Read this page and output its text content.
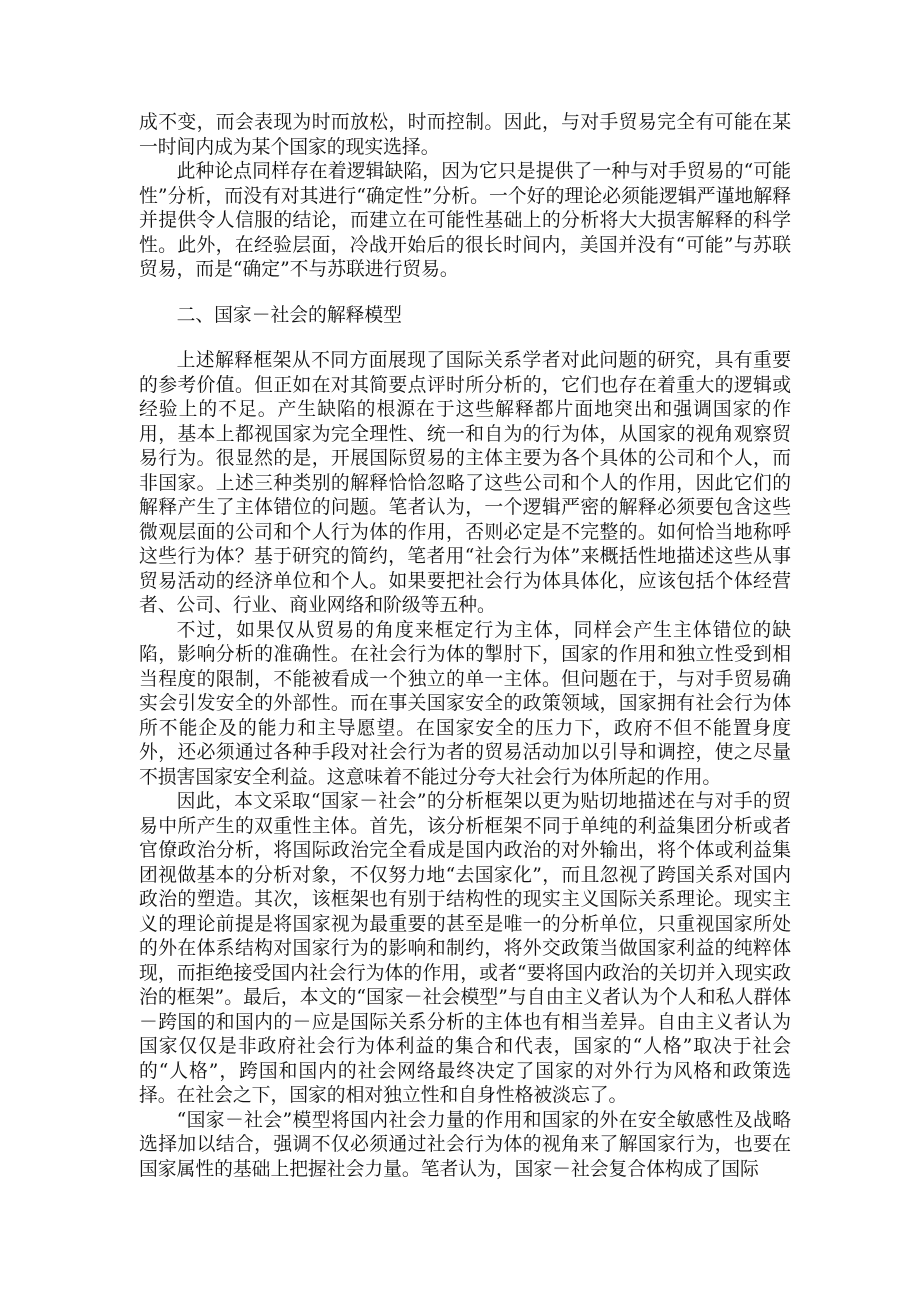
成不变，而会表现为时而放松，时而控制。因此，与对手贸易完全有可能在某一时间内成为某个国家的现实选择。

此种论点同样存在着逻辑缺陷，因为它只是提供了一种与对手贸易的“可能性”分析，而没有对其进行“确定性”分析。一个好的理论必须能逻辑严谨地解释并提供令人信服的结论，而建立在可能性基础上的分析将大大损害解释的科学性。此外，在经验层面，冷战开始后的很长时间内，美国并没有“可能”与苏联贸易，而是“确定”不与苏联进行贸易。

二、国家－社会的解释模型

上述解释框架从不同方面展现了国际关系学者对此问题的研究，具有重要的参考价值。但正如在对其简要点评时所分析的，它们也存在着重大的逻辑或经验上的不足。产生缺陷的根源在于这些解释都片面地突出和强调国家的作用，基本上都视国家为完全理性、统一和自为的行为体，从国家的视角观察贸易行为。很显然的是，开展国际贸易的主体主要为各个具体的公司和个人，而非国家。上述三种类别的解释恰恰忽略了这些公司和个人的作用，因此它们的解释产生了主体错位的问题。笔者认为，一个逻辑严密的解释必须要包含这些微观层面的公司和个人行为体的作用，否则必定是不完整的。如何恰当地称呼这些行为体？基于研究的简约，笔者用“社会行为体”来概括性地描述这些从事贸易活动的经济单位和个人。如果要把社会行为体具体化，应该包括个体经营者、公司、行业、商业网络和阶级等五种。

不过，如果仅从贸易的角度来框定行为主体，同样会产生主体错位的缺陷，影响分析的准确性。在社会行为体的掣肘下，国家的作用和独立性受到相当程度的限制，不能被看成一个独立的单一主体。但问题在于，与对手贸易确实会引发安全的外部性。而在事关国家安全的政策领域，国家拥有社会行为体所不能企及的能力和主导愿望。在国家安全的压力下，政府不但不能置身度外，还必须通过各种手段对社会行为者的贸易活动加以引导和调控，使之尽量不损害国家安全利益。这意味着不能过分夸大社会行为体所起的作用。

因此，本文采取“国家－社会”的分析框架以更为贴切地描述在与对手的贸易中所产生的双重性主体。首先，该分析框架不同于单纯的利益集团分析或者官僚政治分析，将国际政治完全看成是国内政治的对外输出，将个体或利益集团视做基本的分析对象，不仅努力地“去国家化”，而且忽视了跨国关系对国内政治的塑造。其次，该框架也有别于结构性的现实主义国际关系理论。现实主义的理论前提是将国家视为最重要的甚至是唯一的分析单位，只重视国家所处的外在体系结构对国家行为的影响和制约，将外交政策当做国家利益的纯粹体现，而拒绝接受国内社会行为体的作用，或者“要将国内政治的关切并入现实政治的框架”。最后，本文的“国家－社会模型”与自由主义者认为个人和私人群体－跨国的和国内的－应是国际关系分析的主体也有相当差异。自由主义者认为国家仅仅是非政府社会行为体利益的集合和代表，国家的“人格”取决于社会的“人格”，跨国和国内的社会网络最终决定了国家的对外行为风格和政策选择。在社会之下，国家的相对独立性和自身性格被淡忘了。

“国家－社会”模型将国内社会力量的作用和国家的外在安全敏感性及战略选择加以结合，强调不仅必须通过社会行为体的视角来了解国家行为，也要在国家属性的基础上把握社会力量。笔者认为，国家－社会复合体构成了国际
